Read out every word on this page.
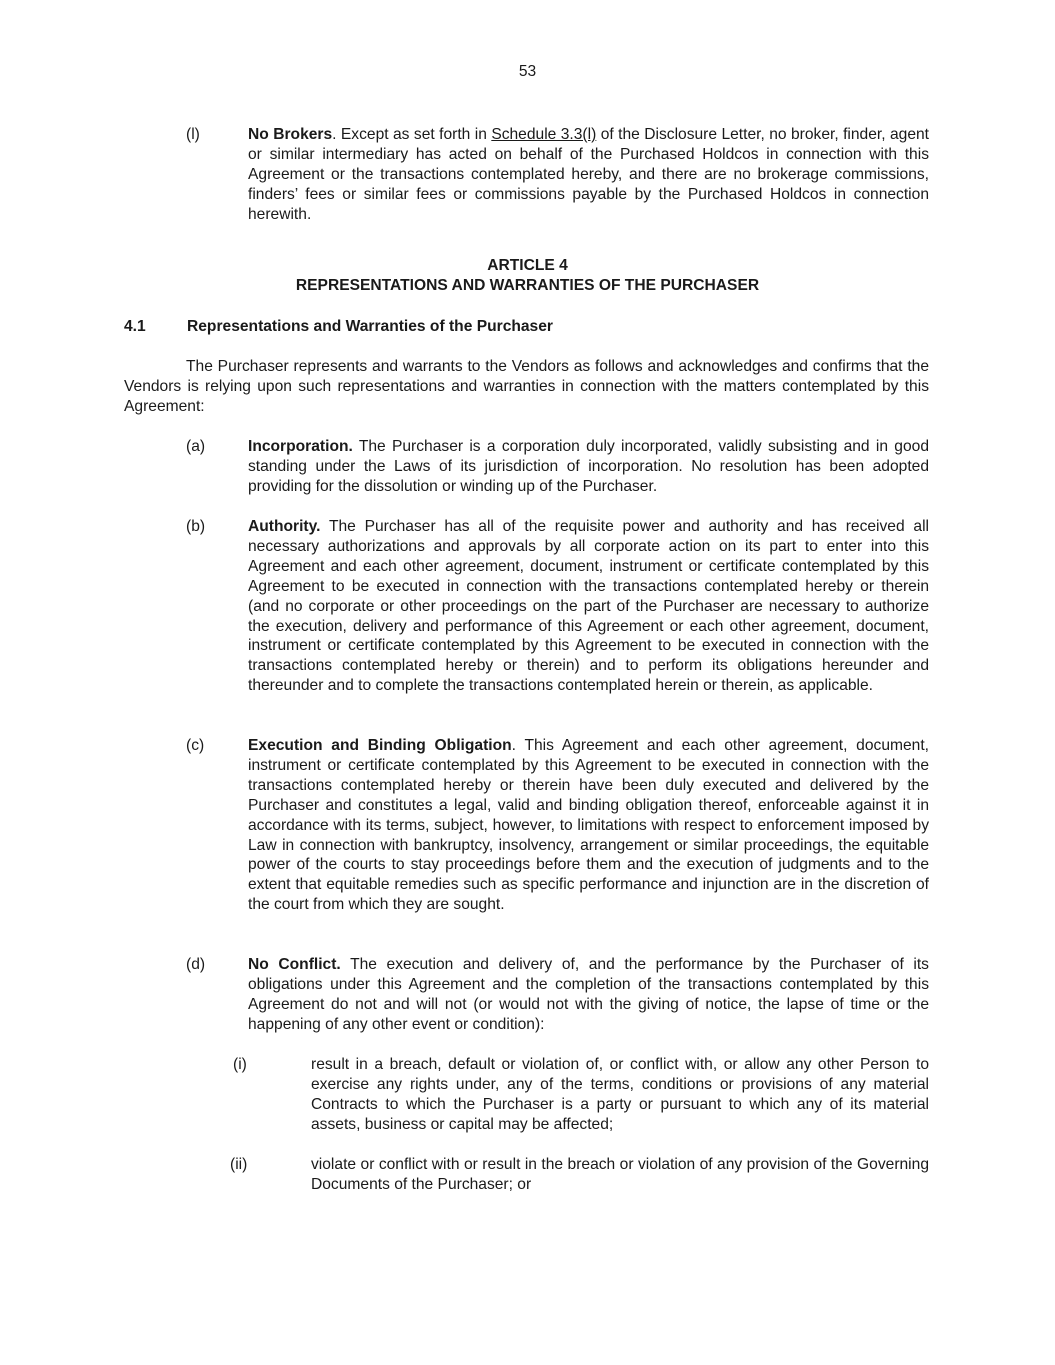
53
(l)	No Brokers. Except as set forth in Schedule 3.3(l) of the Disclosure Letter, no broker, finder, agent or similar intermediary has acted on behalf of the Purchased Holdcos in connection with this Agreement or the transactions contemplated hereby, and there are no brokerage commissions, finders’ fees or similar fees or commissions payable by the Purchased Holdcos in connection herewith.
ARTICLE 4
REPRESENTATIONS AND WARRANTIES OF THE PURCHASER
4.1	Representations and Warranties of the Purchaser
The Purchaser represents and warrants to the Vendors as follows and acknowledges and confirms that the Vendors is relying upon such representations and warranties in connection with the matters contemplated by this Agreement:
(a)	Incorporation. The Purchaser is a corporation duly incorporated, validly subsisting and in good standing under the Laws of its jurisdiction of incorporation. No resolution has been adopted providing for the dissolution or winding up of the Purchaser.
(b)	Authority. The Purchaser has all of the requisite power and authority and has received all necessary authorizations and approvals by all corporate action on its part to enter into this Agreement and each other agreement, document, instrument or certificate contemplated by this Agreement to be executed in connection with the transactions contemplated hereby or therein (and no corporate or other proceedings on the part of the Purchaser are necessary to authorize the execution, delivery and performance of this Agreement or each other agreement, document, instrument or certificate contemplated by this Agreement to be executed in connection with the transactions contemplated hereby or therein) and to perform its obligations hereunder and thereunder and to complete the transactions contemplated herein or therein, as applicable.
(c)	Execution and Binding Obligation. This Agreement and each other agreement, document, instrument or certificate contemplated by this Agreement to be executed in connection with the transactions contemplated hereby or therein have been duly executed and delivered by the Purchaser and constitutes a legal, valid and binding obligation thereof, enforceable against it in accordance with its terms, subject, however, to limitations with respect to enforcement imposed by Law in connection with bankruptcy, insolvency, arrangement or similar proceedings, the equitable power of the courts to stay proceedings before them and the execution of judgments and to the extent that equitable remedies such as specific performance and injunction are in the discretion of the court from which they are sought.
(d)	No Conflict. The execution and delivery of, and the performance by the Purchaser of its obligations under this Agreement and the completion of the transactions contemplated by this Agreement do not and will not (or would not with the giving of notice, the lapse of time or the happening of any other event or condition):
(i)	result in a breach, default or violation of, or conflict with, or allow any other Person to exercise any rights under, any of the terms, conditions or provisions of any material Contracts to which the Purchaser is a party or pursuant to which any of its material assets, business or capital may be affected;
(ii)	violate or conflict with or result in the breach or violation of any provision of the Governing Documents of the Purchaser; or
